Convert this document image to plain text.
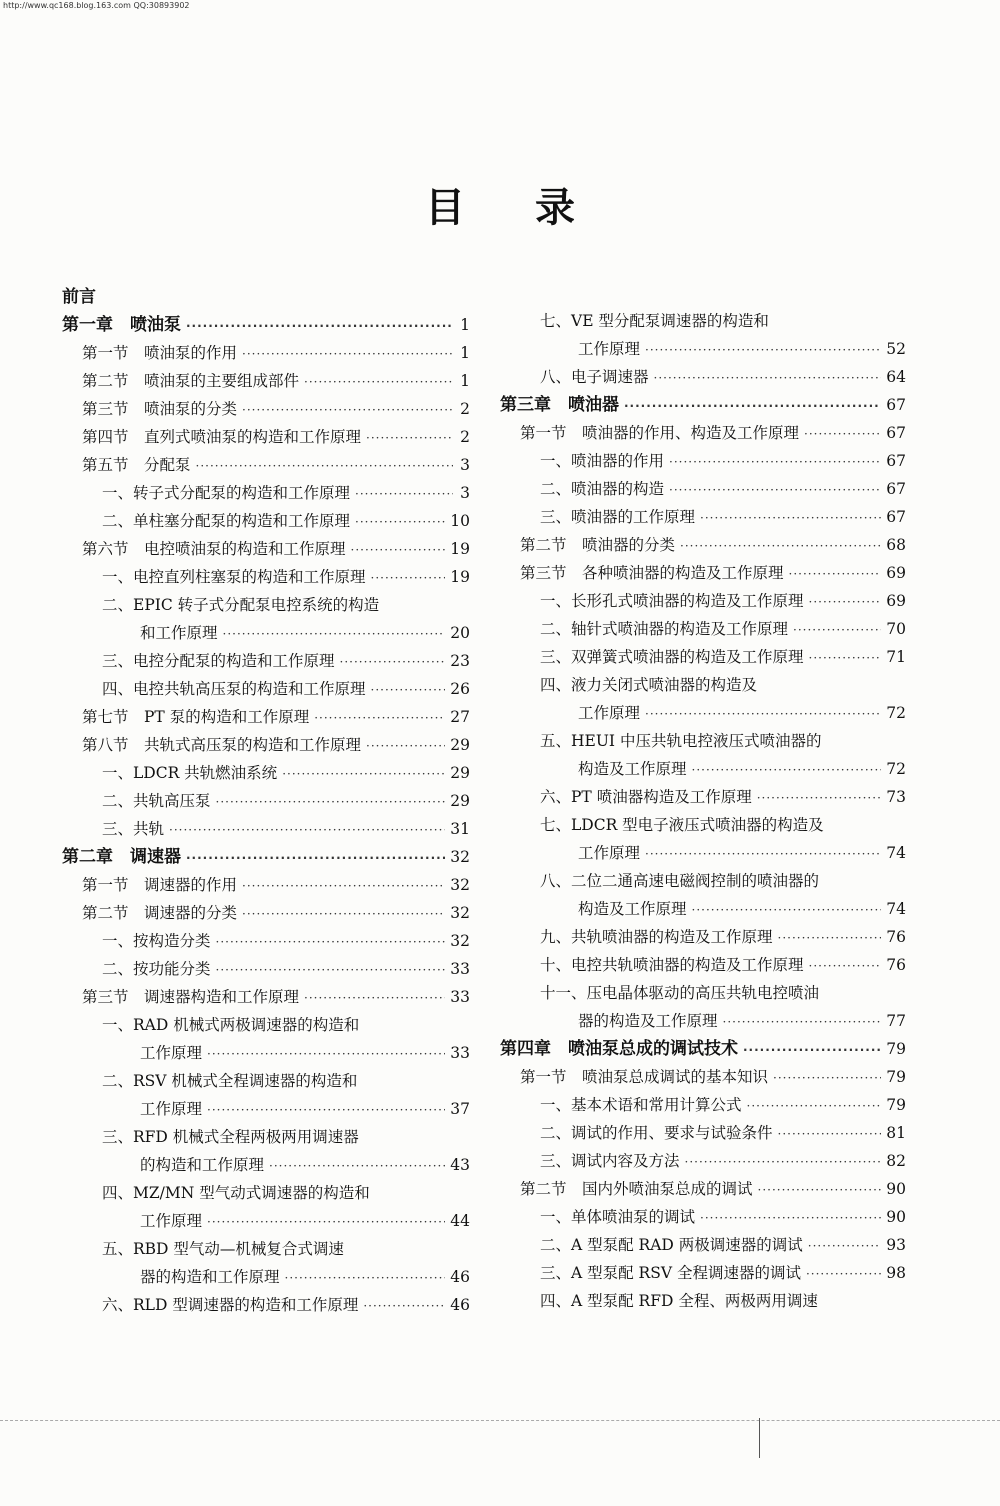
http://www.qc168.blog.163.com QQ:30893902
目录
前言
第一章　喷油泵 ·····	1
第一节　喷油泵的作用 ·····	1
第二节　喷油泵的主要组成部件 ·····	1
第三节　喷油泵的分类 ·····	2
第四节　直列式喷油泵的构造和工作原理 ·····	2
第五节　分配泵 ·····	3
一、转子式分配泵的构造和工作原理 ·····	3
二、单柱塞分配泵的构造和工作原理 ·····	10
第六节　电控喷油泵的构造和工作原理 ·····	19
一、电控直列柱塞泵的构造和工作原理 ·····	19
二、EPIC 转子式分配泵电控系统的构造
和工作原理 ·····	20
三、电控分配泵的构造和工作原理 ·····	23
四、电控共轨高压泵的构造和工作原理 ·····	26
第七节　PT 泵的构造和工作原理 ·····	27
第八节　共轨式高压泵的构造和工作原理 ·····	29
一、LDCR 共轨燃油系统 ·····	29
二、共轨高压泵 ·····	29
三、共轨 ·····	31
第二章　调速器 ·····	32
第一节　调速器的作用 ·····	32
第二节　调速器的分类 ·····	32
一、按构造分类 ·····	32
二、按功能分类 ·····	33
第三节　调速器构造和工作原理 ·····	33
一、RAD 机械式两极调速器的构造和
工作原理 ·····	33
二、RSV 机械式全程调速器的构造和
工作原理 ·····	37
三、RFD 机械式全程两极两用调速器
的构造和工作原理 ·····	43
四、MZ/MN 型气动式调速器的构造和
工作原理 ·····	44
五、RBD 型气动—机械复合式调速
器的构造和工作原理 ·····	46
六、RLD 型调速器的构造和工作原理 ·····	46
七、VE 型分配泵调速器的构造和
工作原理 ·····	52
八、电子调速器 ·····	64
第三章　喷油器 ·····	67
第一节　喷油器的作用、构造及工作原理 ·····	67
一、喷油器的作用 ·····	67
二、喷油器的构造 ·····	67
三、喷油器的工作原理 ·····	67
第二节　喷油器的分类 ·····	68
第三节　各种喷油器的构造及工作原理 ·····	69
一、长形孔式喷油器的构造及工作原理 ·····	69
二、轴针式喷油器的构造及工作原理 ·····	70
三、双弹簧式喷油器的构造及工作原理 ·····	71
四、液力关闭式喷油器的构造及
工作原理 ·····	72
五、HEUI 中压共轨电控液压式喷油器的
构造及工作原理 ·····	72
六、PT 喷油器构造及工作原理 ·····	73
七、LDCR 型电子液压式喷油器的构造及
工作原理 ·····	74
八、二位二通高速电磁阀控制的喷油器的
构造及工作原理 ·····	74
九、共轨喷油器的构造及工作原理 ·····	76
十、电控共轨喷油器的构造及工作原理 ·····	76
十一、压电晶体驱动的高压共轨电控喷油
器的构造及工作原理 ·····	77
第四章　喷油泵总成的调试技术 ·····	79
第一节　喷油泵总成调试的基本知识 ·····	79
一、基本术语和常用计算公式 ·····	79
二、调试的作用、要求与试验条件 ·····	81
三、调试内容及方法 ·····	82
第二节　国内外喷油泵总成的调试 ·····	90
一、单体喷油泵的调试 ·····	90
二、A 型泵配 RAD 两极调速器的调试 ·····	93
三、A 型泵配 RSV 全程调速器的调试 ·····	98
四、A 型泵配 RFD 全程、两极两用调速
